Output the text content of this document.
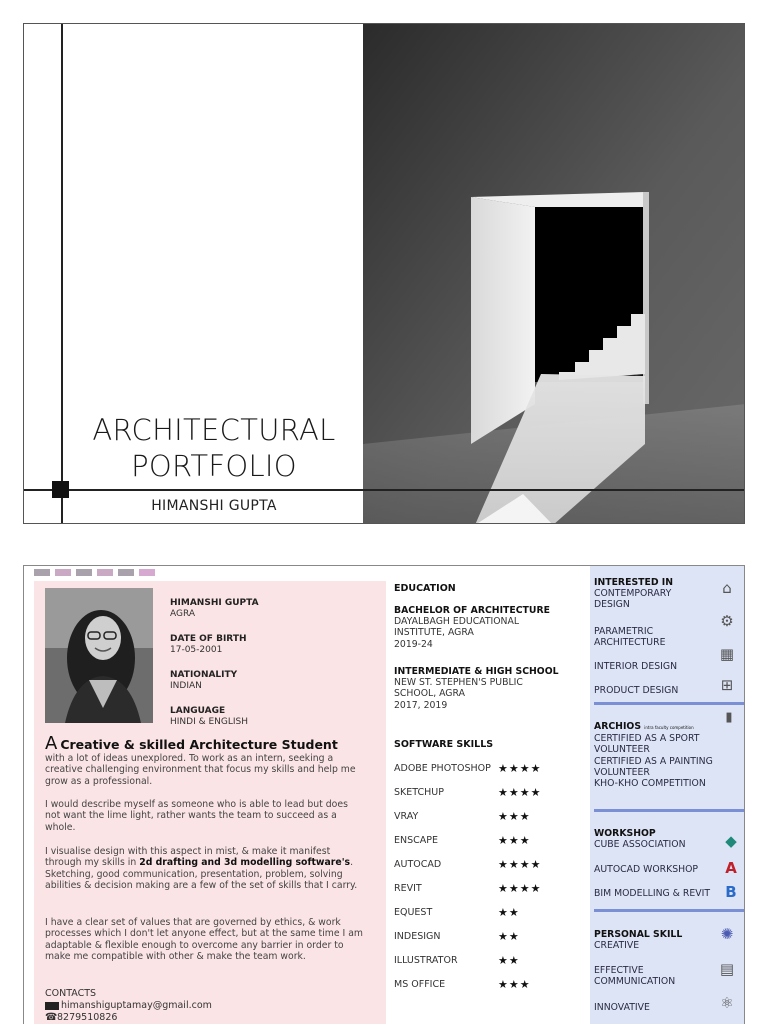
ARCHITECTURAL
PORTFOLIO
HIMANSHI GUPTA
HIMANSHI GUPTA
AGRA
DATE OF BIRTH
17-05-2001
NATIONALITY
INDIAN
LANGUAGE
HINDI & ENGLISH
A Creative & skilled Architecture Student
with a lot of ideas unexplored. To work as an intern, seeking a creative challenging environment that focus my skills and help me grow as a professional.
I would describe myself as someone who is able to lead but does not want the lime light, rather wants the team to succeed as a whole.
I visualise design with this aspect in mist, & make it manifest through my skills in 2d drafting and 3d modelling software's. Sketching, good communication, presentation, problem, solving abilities & decision making are a few of the set of skills that I carry.
I have a clear set of values that are governed by ethics, & work processes which I don't let anyone effect, but at the same time I am adaptable & flexible enough to overcome any barrier in order to make me compatible with other & make the team work.
CONTACTS
himanshiguptamay@gmail.com
☎8279510826
EDUCATION
BACHELOR OF ARCHITECTURE
DAYALBAGH EDUCATIONAL
INSTITUTE, AGRA
2019-24
INTERMEDIATE & HIGH SCHOOL
NEW ST. STEPHEN'S PUBLIC
SCHOOL, AGRA
2017, 2019
SOFTWARE SKILLS
ADOBE PHOTOSHOP ★★★★
SKETCHUP	★★★★
VRAY	★★★
ENSCAPE	★★★
AUTOCAD	★★★★
REVIT	★★★★
EQUEST	★★
INDESIGN	★★
ILLUSTRATOR	★★
MS OFFICE	★★★
INTERESTED IN
CONTEMPORARY
DESIGN
⌂
PARAMETRIC
ARCHITECTURE
⚙
INTERIOR DESIGN
▦
PRODUCT DESIGN	⊞
ARCHIOS intra faculty competition
CERTIFIED AS A SPORT
VOLUNTEER
CERTIFIED AS A PAINTING
VOLUNTEER
KHO-KHO COMPETITION
▮
WORKSHOP
CUBE ASSOCIATION	◆
AUTOCAD WORKSHOP	A
BIM MODELLING & REVIT	B
PERSONAL SKILL
CREATIVE
✺
EFFECTIVE
COMMUNICATION
▤
INNOVATIVE	⚛
